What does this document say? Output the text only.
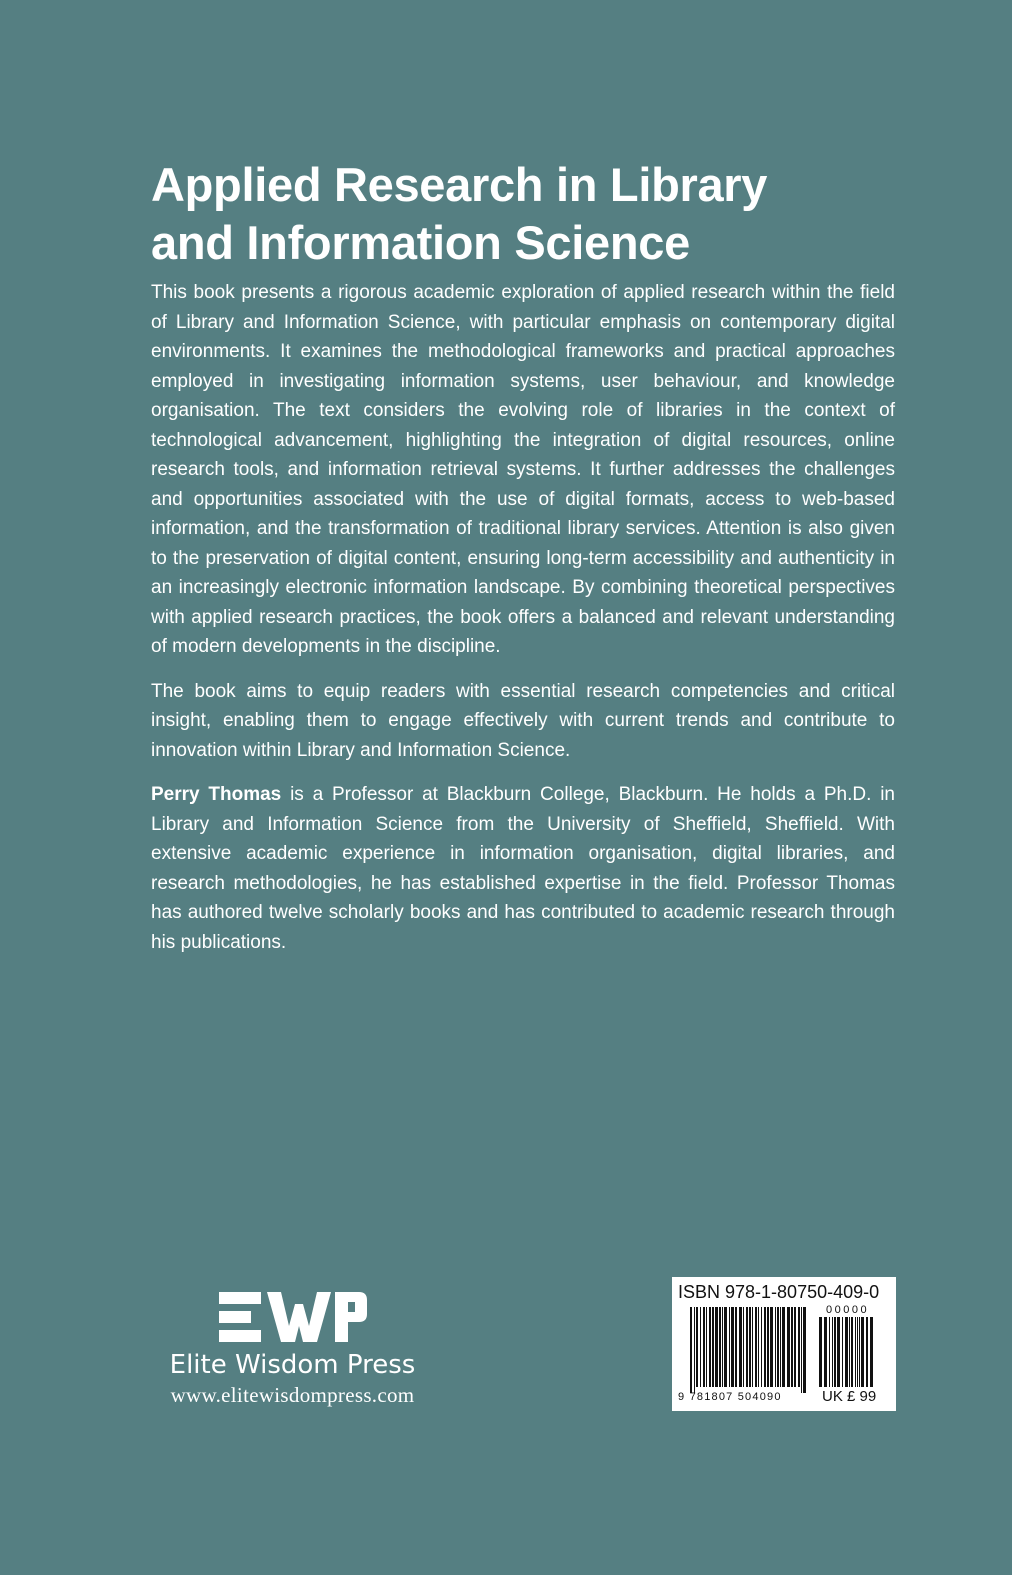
Applied Research in Library
and Information Science

This book presents a rigorous academic exploration of applied research within the field of Library and Information Science, with particular emphasis on contemporary digital environments. It examines the methodological frameworks and practical approaches employed in investigating information systems, user behaviour, and knowledge organisation. The text considers the evolving role of libraries in the context of technological advancement, highlighting the integration of digital resources, online research tools, and information retrieval systems. It further addresses the challenges and opportunities associated with the use of digital formats, access to web-based information, and the transformation of traditional library services. Attention is also given to the preservation of digital content, ensuring long-term accessibility and authenticity in an increasingly electronic information landscape. By combining theoretical perspectives with applied research practices, the book offers a balanced and relevant understanding of modern developments in the discipline.

The book aims to equip readers with essential research competencies and critical insight, enabling them to engage effectively with current trends and contribute to innovation within Library and Information Science.

Perry Thomas is a Professor at Blackburn College, Blackburn. He holds a Ph.D. in Library and Information Science from the University of Sheffield, Sheffield. With extensive academic experience in information organisation, digital libraries, and research methodologies, he has established expertise in the field. Professor Thomas has authored twelve scholarly books and has contributed to academic research through his publications.

Elite Wisdom Press
www.elitewisdompress.com
ISBN 978-1-80750-409-0
00000
9 781807 504090	UK £ 99
